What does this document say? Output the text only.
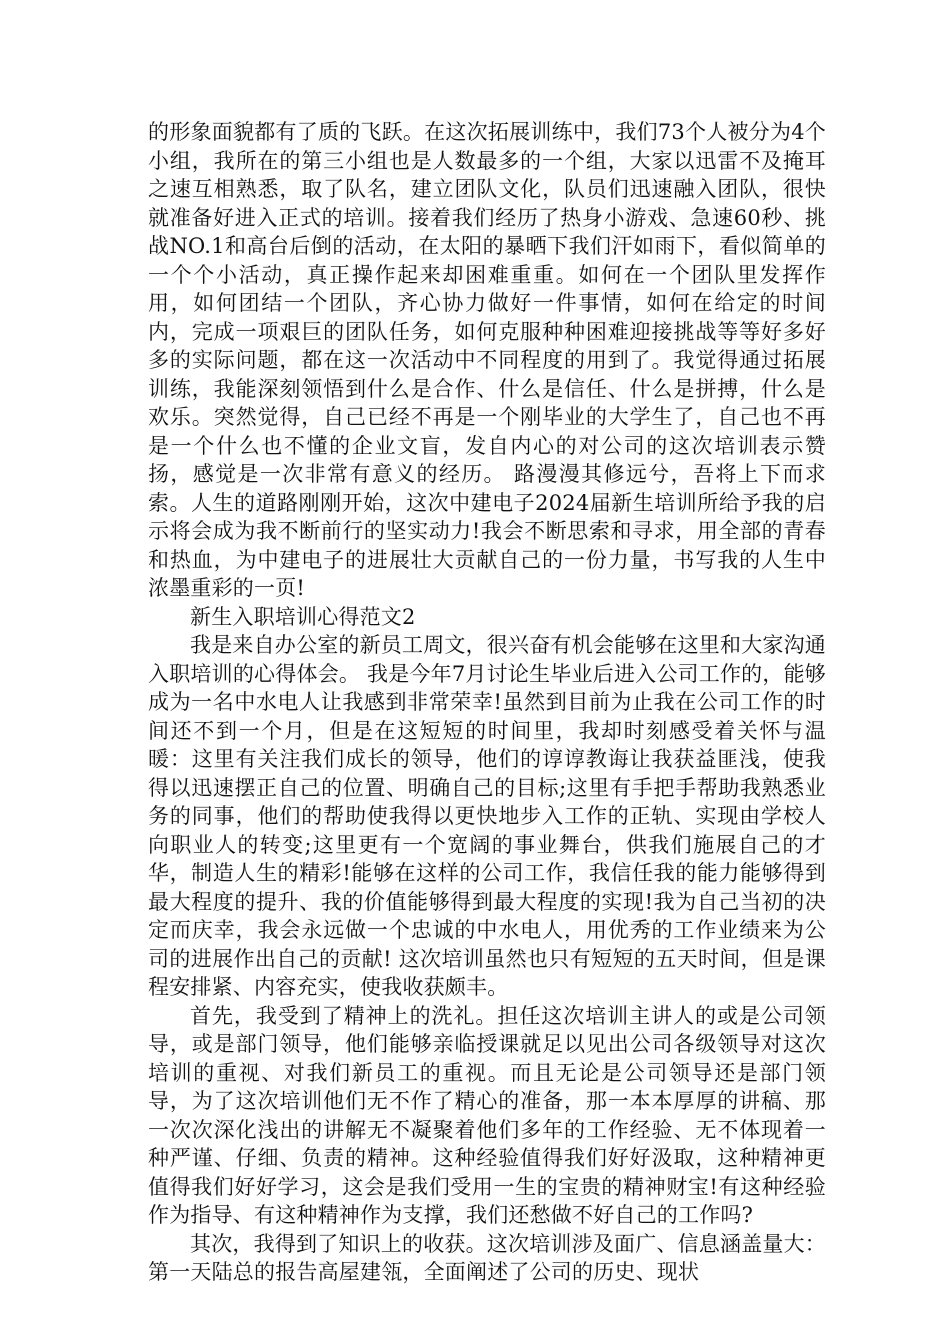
的形象面貌都有了质的飞跃。在这次拓展训练中，我们73个人被分为4个小组，我所在的第三小组也是人数最多的一个组，大家以迅雷不及掩耳之速互相熟悉，取了队名，建立团队文化，队员们迅速融入团队，很快就准备好进入正式的培训。接着我们经历了热身小游戏、急速60秒、挑战NO.1和高台后倒的活动，在太阳的暴晒下我们汗如雨下，看似简单的一个个小活动，真正操作起来却困难重重。如何在一个团队里发挥作用，如何团结一个团队，齐心协力做好一件事情，如何在给定的时间内，完成一项艰巨的团队任务，如何克服种种困难迎接挑战等等好多好多的实际问题，都在这一次活动中不同程度的用到了。我觉得通过拓展训练，我能深刻领悟到什么是合作、什么是信任、什么是拼搏，什么是欢乐。突然觉得，自己已经不再是一个刚毕业的大学生了，自己也不再是一个什么也不懂的企业文盲，发自内心的对公司的这次培训表示赞扬，感觉是一次非常有意义的经历。 路漫漫其修远兮，吾将上下而求索。人生的道路刚刚开始，这次中建电子2024届新生培训所给予我的启示将会成为我不断前行的坚实动力!我会不断思索和寻求，用全部的青春和热血，为中建电子的进展壮大贡献自己的一份力量，书写我的人生中浓墨重彩的一页!

新生入职培训心得范文2

我是来自办公室的新员工周文，很兴奋有机会能够在这里和大家沟通入职培训的心得体会。 我是今年7月讨论生毕业后进入公司工作的，能够成为一名中水电人让我感到非常荣幸!虽然到目前为止我在公司工作的时间还不到一个月，但是在这短短的时间里，我却时刻感受着关怀与温暖：这里有关注我们成长的领导，他们的谆谆教诲让我获益匪浅，使我得以迅速摆正自己的位置、明确自己的目标;这里有手把手帮助我熟悉业务的同事，他们的帮助使我得以更快地步入工作的正轨、实现由学校人向职业人的转变;这里更有一个宽阔的事业舞台，供我们施展自己的才华，制造人生的精彩!能够在这样的公司工作，我信任我的能力能够得到最大程度的提升、我的价值能够得到最大程度的实现!我为自己当初的决定而庆幸，我会永远做一个忠诚的中水电人，用优秀的工作业绩来为公司的进展作出自己的贡献! 这次培训虽然也只有短短的五天时间，但是课程安排紧、内容充实，使我收获颇丰。

首先，我受到了精神上的洗礼。担任这次培训主讲人的或是公司领导，或是部门领导，他们能够亲临授课就足以见出公司各级领导对这次培训的重视、对我们新员工的重视。而且无论是公司领导还是部门领导，为了这次培训他们无不作了精心的准备，那一本本厚厚的讲稿、那一次次深化浅出的讲解无不凝聚着他们多年的工作经验、无不体现着一种严谨、仔细、负责的精神。这种经验值得我们好好汲取，这种精神更值得我们好好学习，这会是我们受用一生的宝贵的精神财宝!有这种经验作为指导、有这种精神作为支撑，我们还愁做不好自己的工作吗?

其次，我得到了知识上的收获。这次培训涉及面广、信息涵盖量大：第一天陆总的报告高屋建瓴，全面阐述了公司的历史、现状
